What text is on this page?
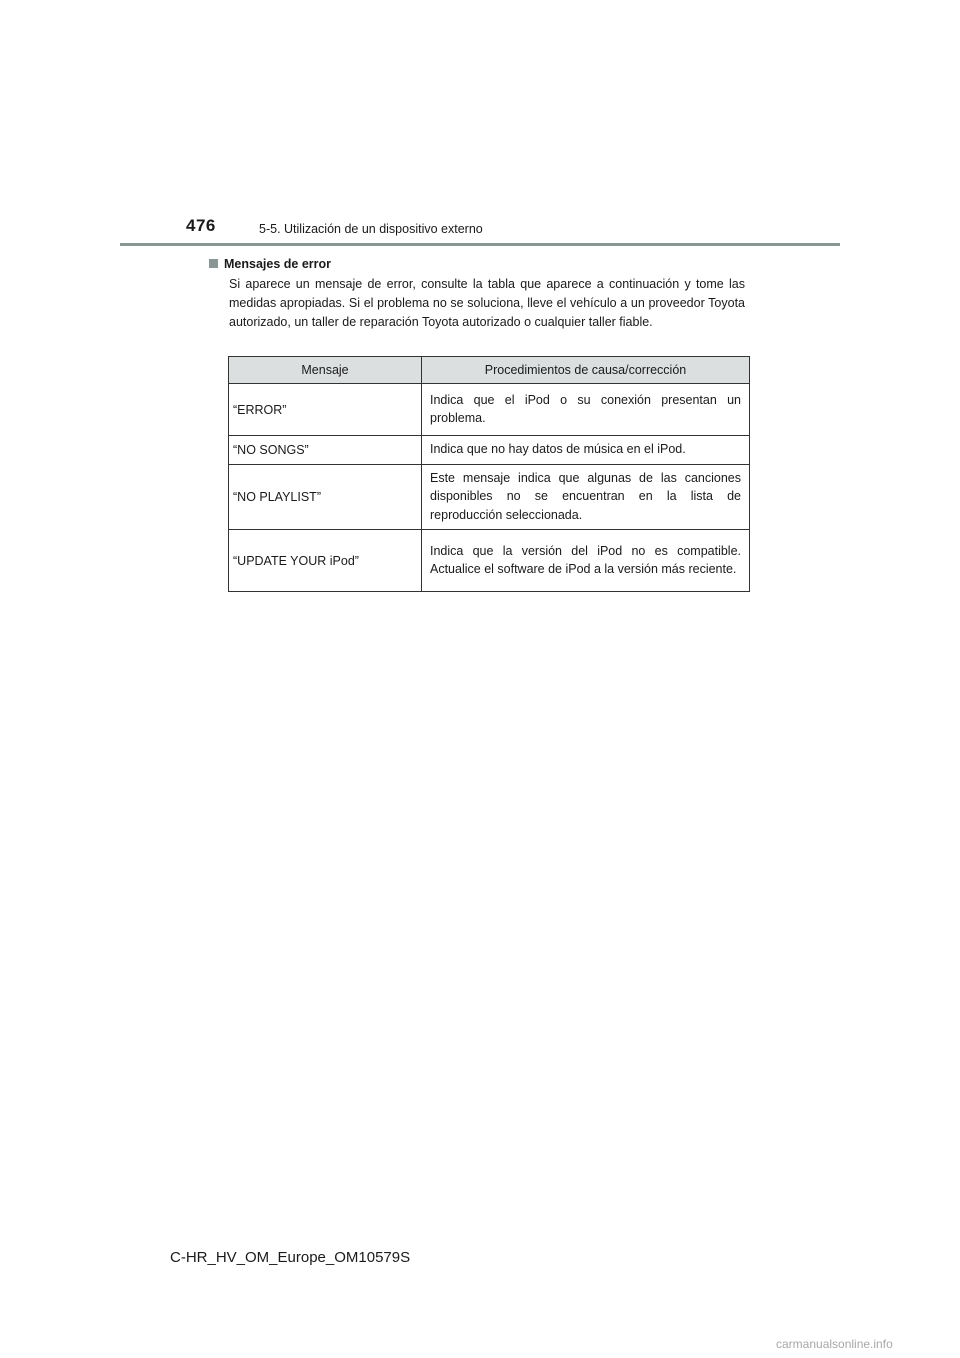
476	5-5. Utilización de un dispositivo externo
Mensajes de error
Si aparece un mensaje de error, consulte la tabla que aparece a continuación y tome las medidas apropiadas. Si el problema no se soluciona, lleve el vehículo a un proveedor Toyota autorizado, un taller de reparación Toyota autorizado o cualquier taller fiable.
Mensaje	Procedimientos de causa/corrección
“ERROR”	Indica que el iPod o su conexión presentan un problema.
“NO SONGS”	Indica que no hay datos de música en el iPod.
“NO PLAYLIST”	Este mensaje indica que algunas de las canciones disponibles no se encuentran en la lista de reproducción seleccionada.
“UPDATE YOUR iPod”	Indica que la versión del iPod no es compatible. Actualice el software de iPod a la versión más reciente.
C-HR_HV_OM_Europe_OM10579S
carmanualsonline.info
